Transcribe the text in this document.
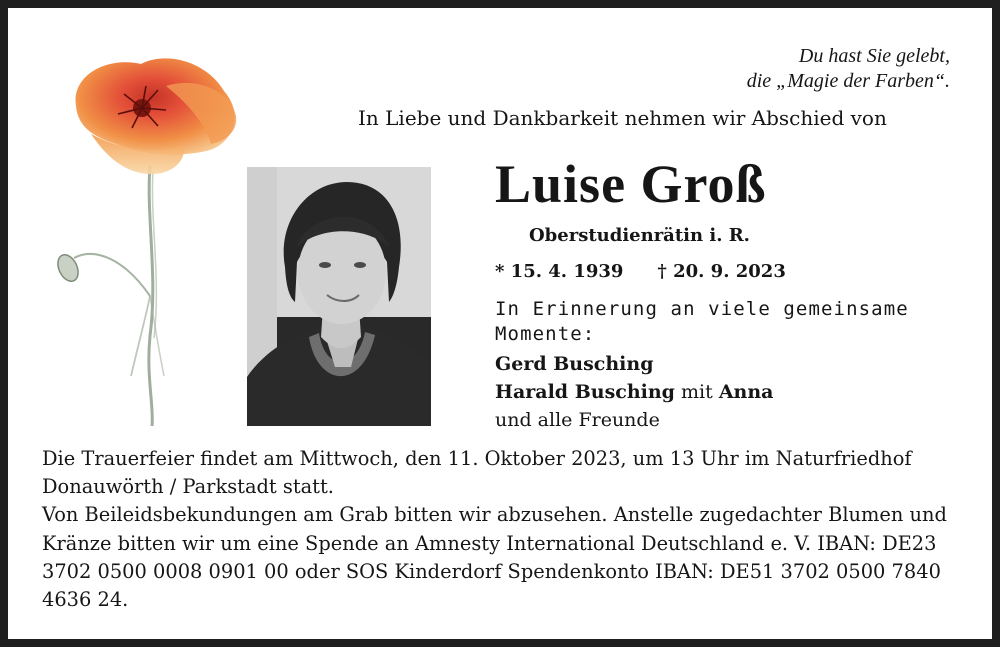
Du hast Sie gelebt,
die „Magie der Farben“.
In Liebe und Dankbarkeit nehmen wir Abschied von
Luise Groß
Oberstudienrätin i. R.
* 15. 4. 1939 † 20. 9. 2023
In Erinnerung an viele gemeinsame Momente:
Gerd Busching
Harald Busching mit Anna
und alle Freunde

Die Trauerfeier findet am Mittwoch, den 11. Oktober 2023, um 13 Uhr im Naturfriedhof Donauwörth / Parkstadt statt.

Von Beileidsbekundungen am Grab bitten wir abzusehen. Anstelle zugedachter Blumen und Kränze bitten wir um eine Spende an Amnesty International Deutschland e. V. IBAN: DE23 3702 0500 0008 0901 00 oder SOS Kinderdorf Spendenkonto IBAN: DE51 3702 0500 7840 4636 24.
